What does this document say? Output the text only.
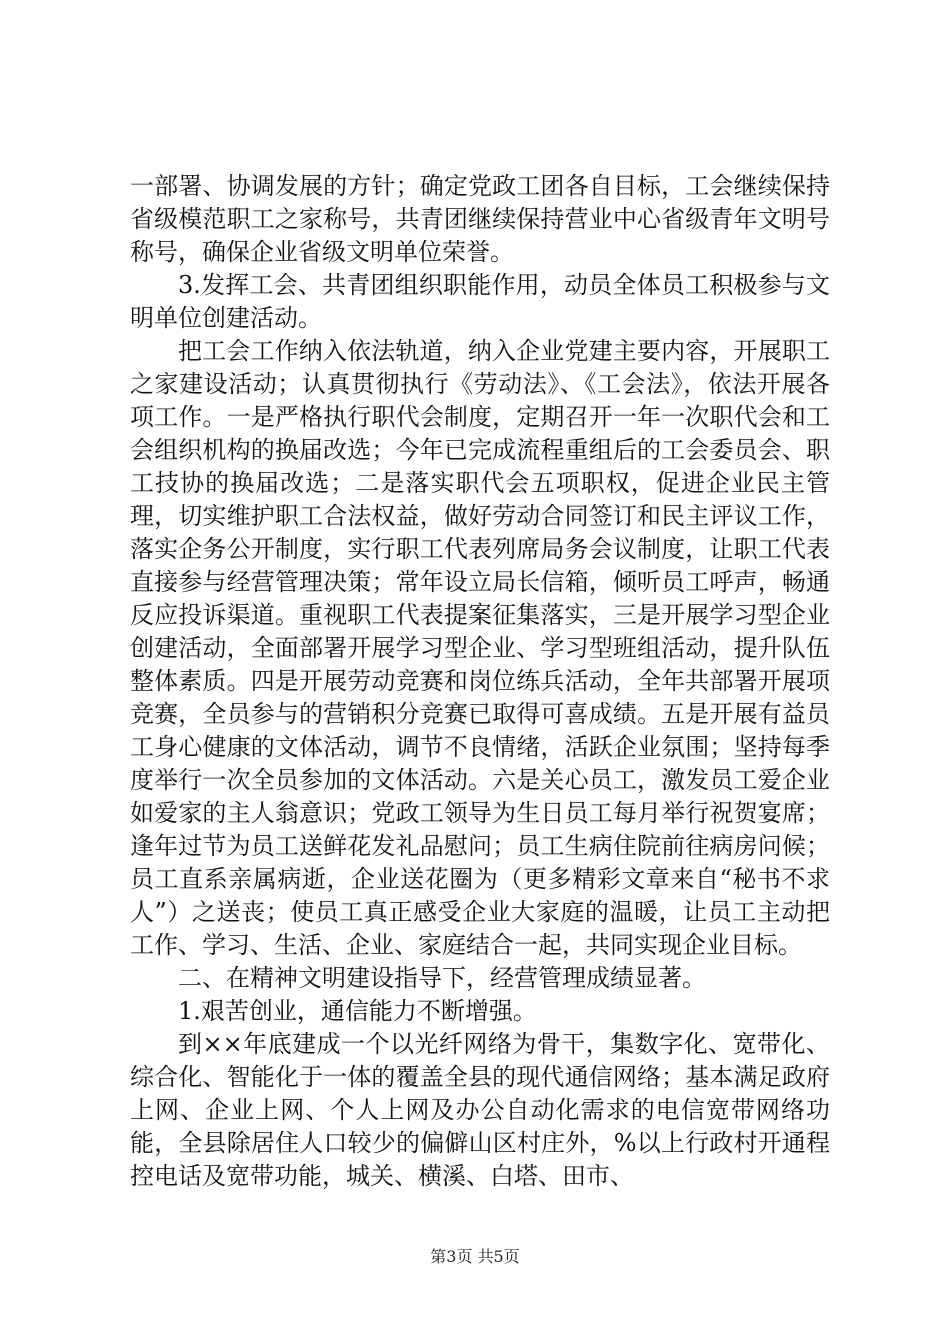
一部署、协调发展的方针；确定党政工团各自目标，工会继续保持省级模范职工之家称号，共青团继续保持营业中心省级青年文明号称号，确保企业省级文明单位荣誉。

3.发挥工会、共青团组织职能作用，动员全体员工积极参与文明单位创建活动。

把工会工作纳入依法轨道，纳入企业党建主要内容，开展职工之家建设活动；认真贯彻执行《劳动法》、《工会法》，依法开展各项工作。一是严格执行职代会制度，定期召开一年一次职代会和工会组织机构的换届改选；今年已完成流程重组后的工会委员会、职工技协的换届改选；二是落实职代会五项职权，促进企业民主管理，切实维护职工合法权益，做好劳动合同签订和民主评议工作，落实企务公开制度，实行职工代表列席局务会议制度，让职工代表直接参与经营管理决策；常年设立局长信箱，倾听员工呼声，畅通反应投诉渠道。重视职工代表提案征集落实，三是开展学习型企业创建活动，全面部署开展学习型企业、学习型班组活动，提升队伍整体素质。四是开展劳动竞赛和岗位练兵活动，全年共部署开展项竞赛，全员参与的营销积分竞赛已取得可喜成绩。五是开展有益员工身心健康的文体活动，调节不良情绪，活跃企业氛围；坚持每季度举行一次全员参加的文体活动。六是关心员工，激发员工爱企业如爱家的主人翁意识；党政工领导为生日员工每月举行祝贺宴席；逢年过节为员工送鲜花发礼品慰问；员工生病住院前往病房问候；员工直系亲属病逝，企业送花圈为（更多精彩文章来自“秘书不求人”）之送丧；使员工真正感受企业大家庭的温暖，让员工主动把工作、学习、生活、企业、家庭结合一起，共同实现企业目标。

二、在精神文明建设指导下，经营管理成绩显著。

1.艰苦创业，通信能力不断增强。

到××年底建成一个以光纤网络为骨干，集数字化、宽带化、综合化、智能化于一体的覆盖全县的现代通信网络；基本满足政府上网、企业上网、个人上网及办公自动化需求的电信宽带网络功能，全县除居住人口较少的偏僻山区村庄外，%以上行政村开通程控电话及宽带功能，城关、横溪、白塔、田市、

第3页 共5页
